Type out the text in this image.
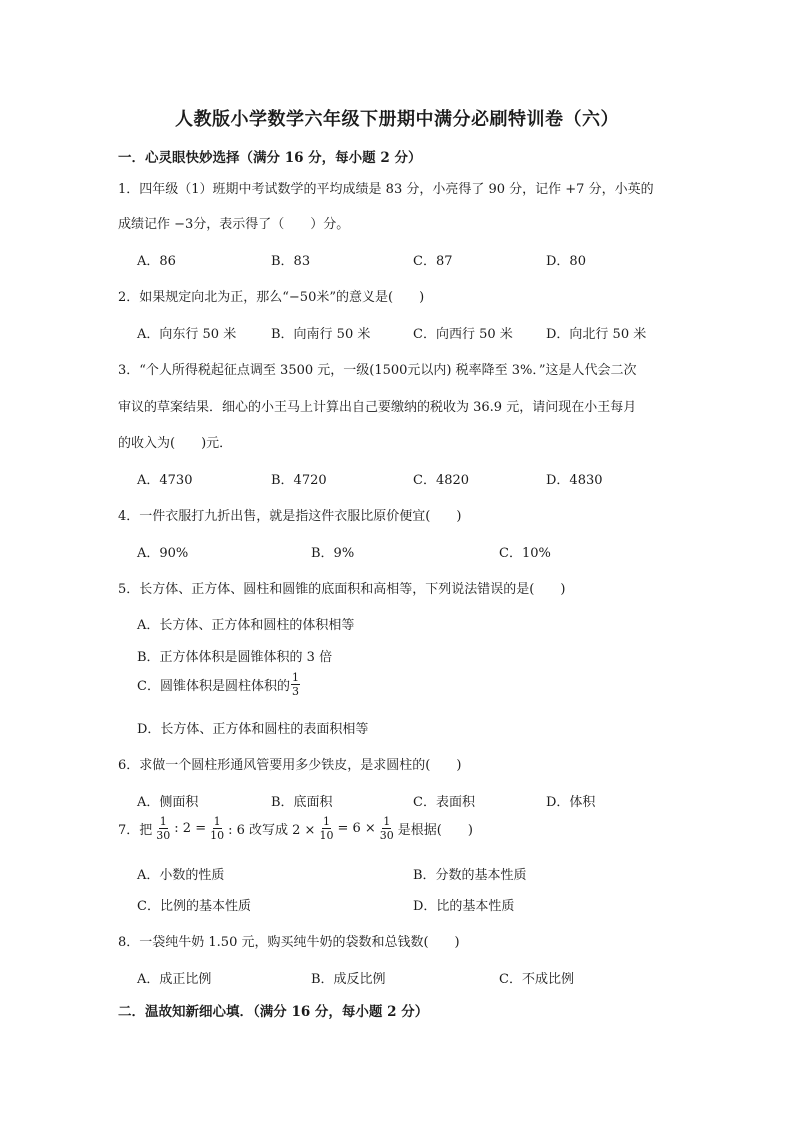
人教版小学数学六年级下册期中满分必刷特训卷（六）
一．心灵眼快妙选择（满分 16 分，每小题 2 分）
1．四年级（1）班期中考试数学的平均成绩是 83 分，小亮得了 90 分，记作 +7 分，小英的
成绩记作 −3分，表示得了（　　）分。
A．86	B．83	C．87	D．80
2．如果规定向北为正，那么“−50米”的意义是(　　)
A．向东行 50 米	B．向南行 50 米	C．向西行 50 米	D．向北行 50 米
3．“个人所得税起征点调至 3500 元，一级(1500元以内) 税率降至 3%．”这是人代会二次
审议的草案结果．细心的小王马上计算出自己要缴纳的税收为 36.9 元，请问现在小王每月
的收入为(　　)元．
A．4730	B．4720	C．4820	D．4830
4．一件衣服打九折出售，就是指这件衣服比原价便宜(　　)
A．90%	B．9%	C．10%
5．长方体、正方体、圆柱和圆锥的底面积和高相等，下列说法错误的是(　　)
A．长方体、正方体和圆柱的体积相等
B．正方体体积是圆锥体积的 3 倍
C．圆锥体积是圆柱体积的 $\frac{1}{3}$
D．长方体、正方体和圆柱的表面积相等
6．求做一个圆柱形通风管要用多少铁皮，是求圆柱的(　　)
A．侧面积	B．底面积	C．表面积	D．体积
7．把 $\frac{1}{30}$ : $2 = \frac{1}{10}$ : 6 改写成 $2 \times \frac{1}{10} = 6 \times \frac{1}{30}$ 是根据(　　)
A．小数的性质	B．分数的基本性质
C．比例的基本性质	D．比的基本性质
8．一袋纯牛奶 1.50 元，购买纯牛奶的袋数和总钱数(　　)
A．成正比例	B．成反比例	C．不成比例
二．温故知新细心填．（满分 16 分，每小题 2 分）
